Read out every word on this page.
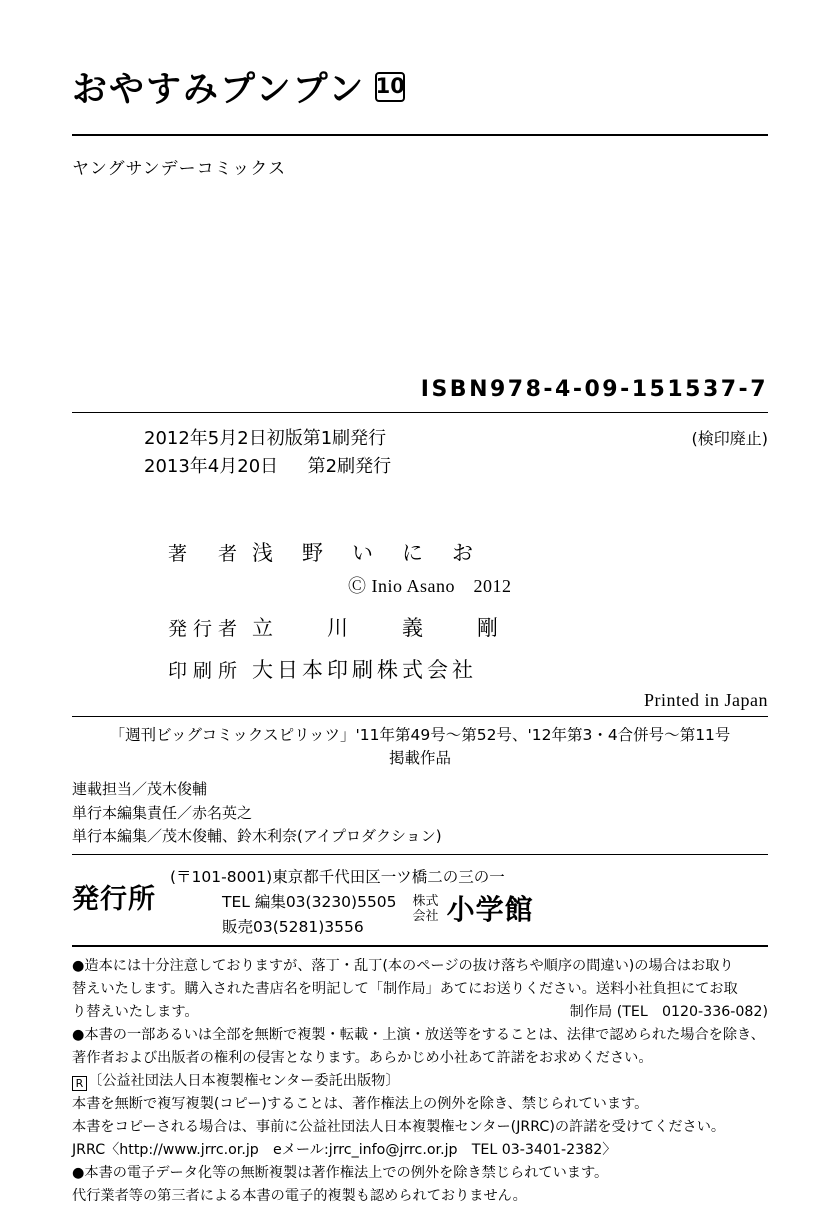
おやすみプンプン 10
ヤングサンデーコミックス
ISBN978-4-09-151537-7
2012年5月2日初版第1刷発行
2013年4月20日 第2刷発行
(検印廃止)
著　者 浅　野　い　に　お
Ⓒ Inio Asano　2012
発行者 立　　川　　義　　剛
印刷所 大日本印刷株式会社
Printed in Japan
「週刊ビッグコミックスピリッツ」'11年第49号〜第52号、'12年第3・4合併号〜第11号
掲載作品
連載担当／茂木俊輔
単行本編集責任／赤名英之
単行本編集／茂木俊輔、鈴木利奈(アイプロダクション)
発行所
(〒101-8001)東京都千代田区一ツ橋二の三の一
TEL 編集03(3230)5505
販売03(5281)3556
株式
会社 小学館

●造本には十分注意しておりますが、落丁・乱丁(本のページの抜け落ちや順序の間違い)の場合はお取り

替えいたします。購入された書店名を明記して「制作局」あてにお送りください。送料小社負担にてお取

制作局 (TEL　0120-336-082)
り替えいたします。

●本書の一部あるいは全部を無断で複製・転載・上演・放送等をすることは、法律で認められた場合を除き、

著作者および出版者の権利の侵害となります。あらかじめ小社あて許諾をお求めください。

R 〔公益社団法人日本複製権センター委託出版物〕

本書を無断で複写複製(コピー)することは、著作権法上の例外を除き、禁じられています。

本書をコピーされる場合は、事前に公益社団法人日本複製権センター(JRRC)の許諾を受けてください。

JRRC〈http://www.jrrc.or.jp　eメール:jrrc_info@jrrc.or.jp　TEL 03-3401-2382〉

●本書の電子データ化等の無断複製は著作権法上での例外を除き禁じられています。

代行業者等の第三者による本書の電子的複製も認められておりません。
